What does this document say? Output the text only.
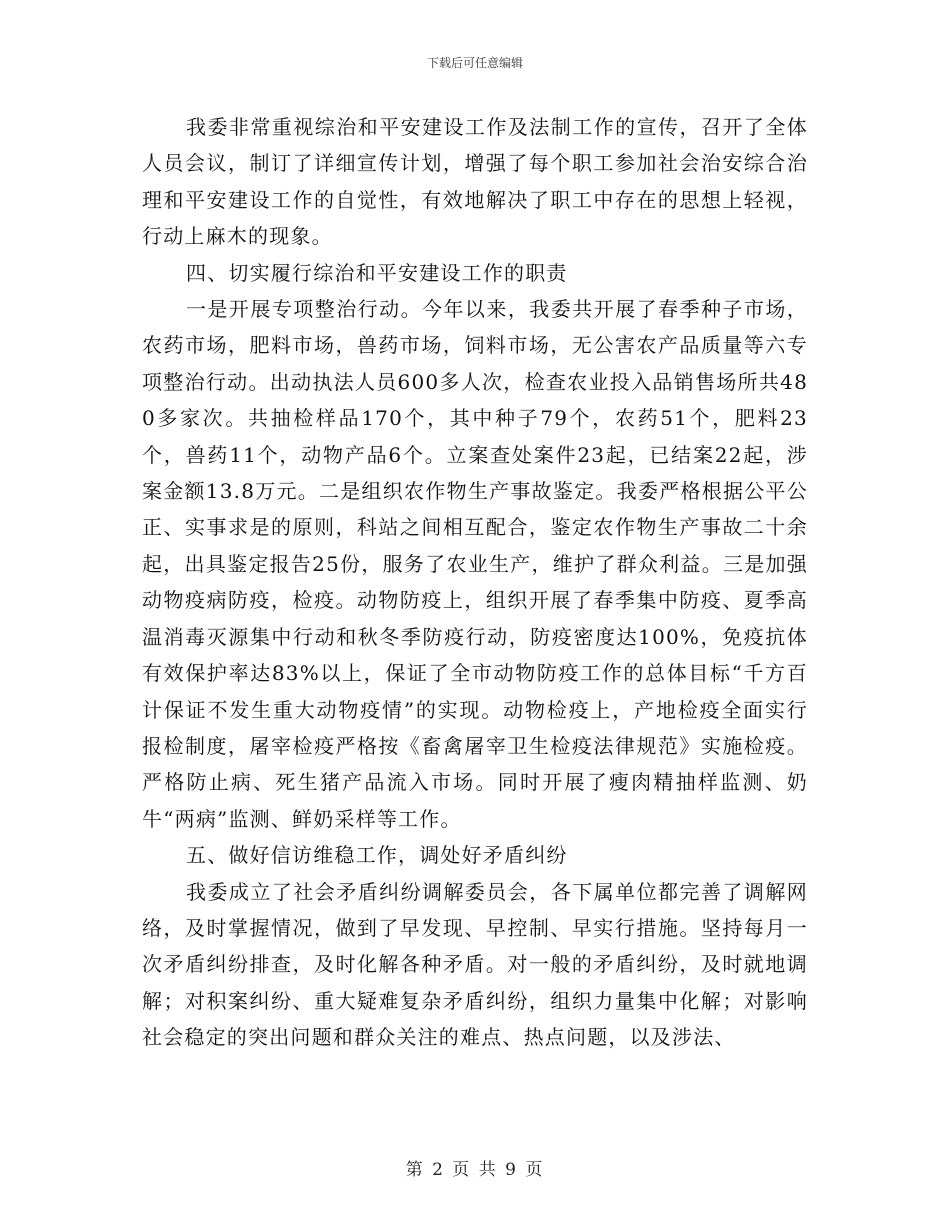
下载后可任意编辑

我委非常重视综治和平安建设工作及法制工作的宣传，召开了全体人员会议，制订了详细宣传计划，增强了每个职工参加社会治安综合治理和平安建设工作的自觉性，有效地解决了职工中存在的思想上轻视，行动上麻木的现象。

四、切实履行综治和平安建设工作的职责

一是开展专项整治行动。今年以来，我委共开展了春季种子市场，农药市场，肥料市场，兽药市场，饲料市场，无公害农产品质量等六专项整治行动。出动执法人员600多人次，检查农业投入品销售场所共480多家次。共抽检样品170个，其中种子79个，农药51个，肥料23个，兽药11个，动物产品6个。立案查处案件23起，已结案22起，涉案金额13.8万元。二是组织农作物生产事故鉴定。我委严格根据公平公正、实事求是的原则，科站之间相互配合，鉴定农作物生产事故二十余起，出具鉴定报告25份，服务了农业生产，维护了群众利益。三是加强动物疫病防疫，检疫。动物防疫上，组织开展了春季集中防疫、夏季高温消毒灭源集中行动和秋冬季防疫行动，防疫密度达100%，免疫抗体有效保护率达83%以上，保证了全市动物防疫工作的总体目标“千方百计保证不发生重大动物疫情”的实现。动物检疫上，产地检疫全面实行报检制度，屠宰检疫严格按《畜禽屠宰卫生检疫法律规范》实施检疫。严格防止病、死生猪产品流入市场。同时开展了瘦肉精抽样监测、奶牛“两病”监测、鲜奶采样等工作。

五、做好信访维稳工作，调处好矛盾纠纷

我委成立了社会矛盾纠纷调解委员会，各下属单位都完善了调解网络，及时掌握情况，做到了早发现、早控制、早实行措施。坚持每月一次矛盾纠纷排查，及时化解各种矛盾。对一般的矛盾纠纷，及时就地调解；对积案纠纷、重大疑难复杂矛盾纠纷，组织力量集中化解；对影响社会稳定的突出问题和群众关注的难点、热点问题，以及涉法、

第 2 页 共 9 页
